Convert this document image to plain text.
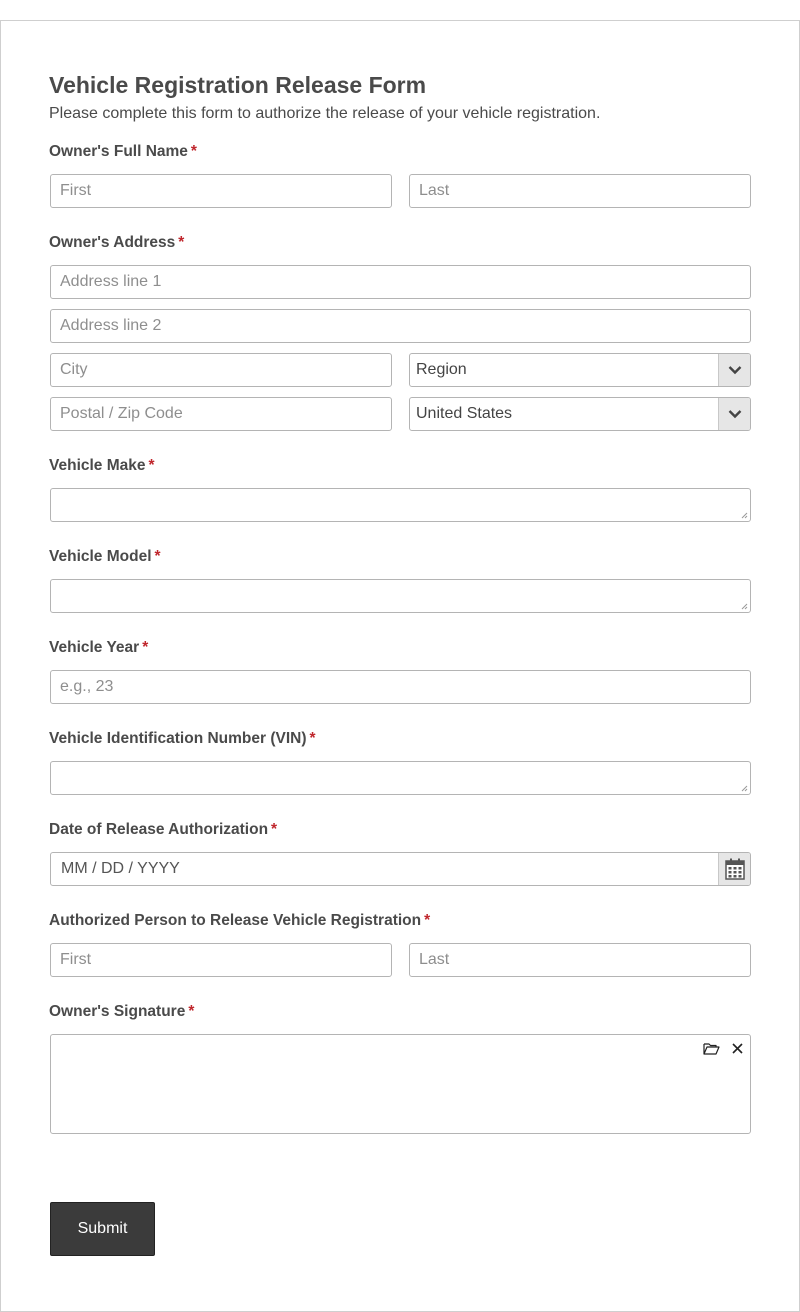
Vehicle Registration Release Form
Please complete this form to authorize the release of your vehicle registration.
Owner's Full Name *
First
Last
Owner's Address *
Address line 1
Address line 2
City
Region
Postal / Zip Code
United States
Vehicle Make *
Vehicle Model *
Vehicle Year *
e.g., 23
Vehicle Identification Number (VIN) *
Date of Release Authorization *
MM / DD / YYYY
Authorized Person to Release Vehicle Registration *
First
Last
Owner's Signature *
Submit
